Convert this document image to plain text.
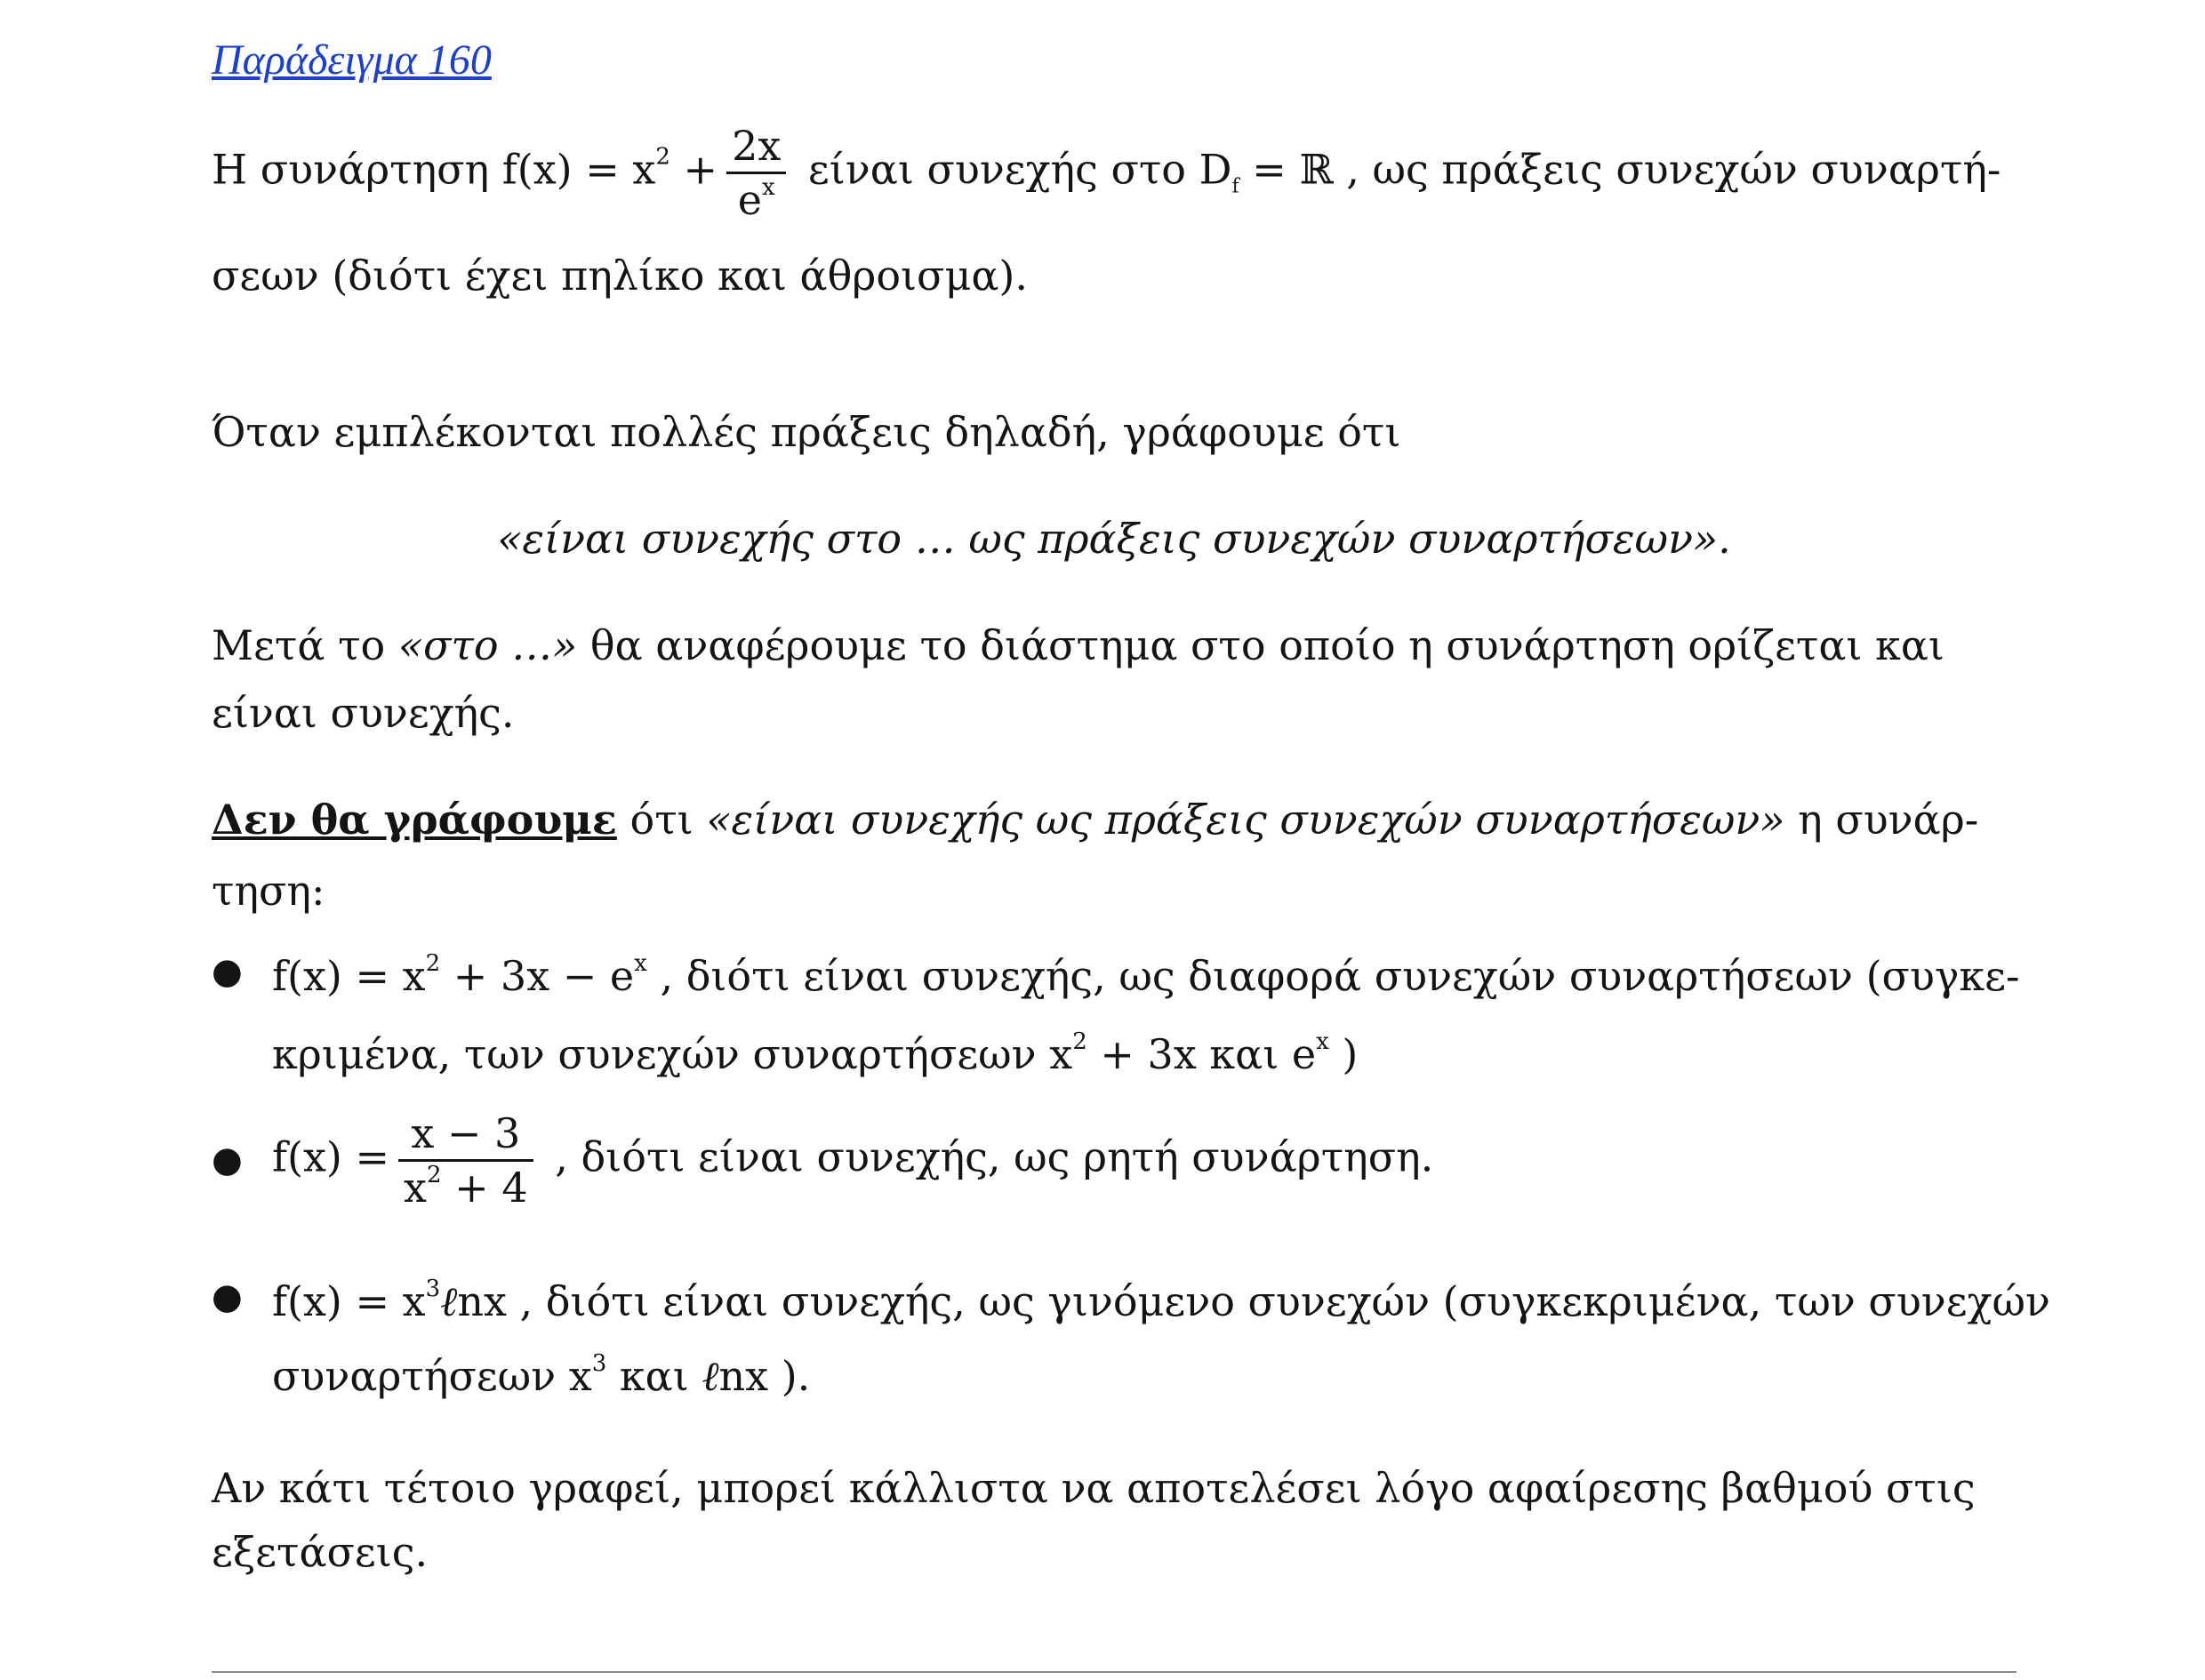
Παράδειγμα 160
Η συνάρτηση $f(x) = x^2 + \frac{2x}{e^x}$ είναι συνεχής στο $D_f$ = ℝ , ως πράξεις συνεχών συναρτή-
σεων (διότι έχει πηλίκο και άθροισμα).
Όταν εμπλέκονται πολλές πράξεις δηλαδή, γράφουμε ότι
«είναι συνεχής στο … ως πράξεις συνεχών συναρτήσεων».
Μετά το «στο …» θα αναφέρουμε το διάστημα στο οποίο η συνάρτηση ορίζεται και
είναι συνεχής.
Δεν θα γράφουμε ότι «είναι συνεχής ως πράξεις συνεχών συναρτήσεων» η συνάρ-
τηση:
● $f(x) = x^2 + 3x - e^x$ , διότι είναι συνεχής, ως διαφορά συνεχών συναρτήσεων (συγκε-
κριμένα, των συνεχών συναρτήσεων $x^2 + 3x$ και $e^x$ )
● $f(x) = \frac{x - 3}{x^2 + 4}$ , διότι είναι συνεχής, ως ρητή συνάρτηση.
● $f(x) = x^3\ell nx$ , διότι είναι συνεχής, ως γινόμενο συνεχών (συγκεκριμένα, των συνεχών
συναρτήσεων $x^3$ και ℓnx ).
Αν κάτι τέτοιο γραφεί, μπορεί κάλλιστα να αποτελέσει λόγο αφαίρεσης βαθμού στις
εξετάσεις.
